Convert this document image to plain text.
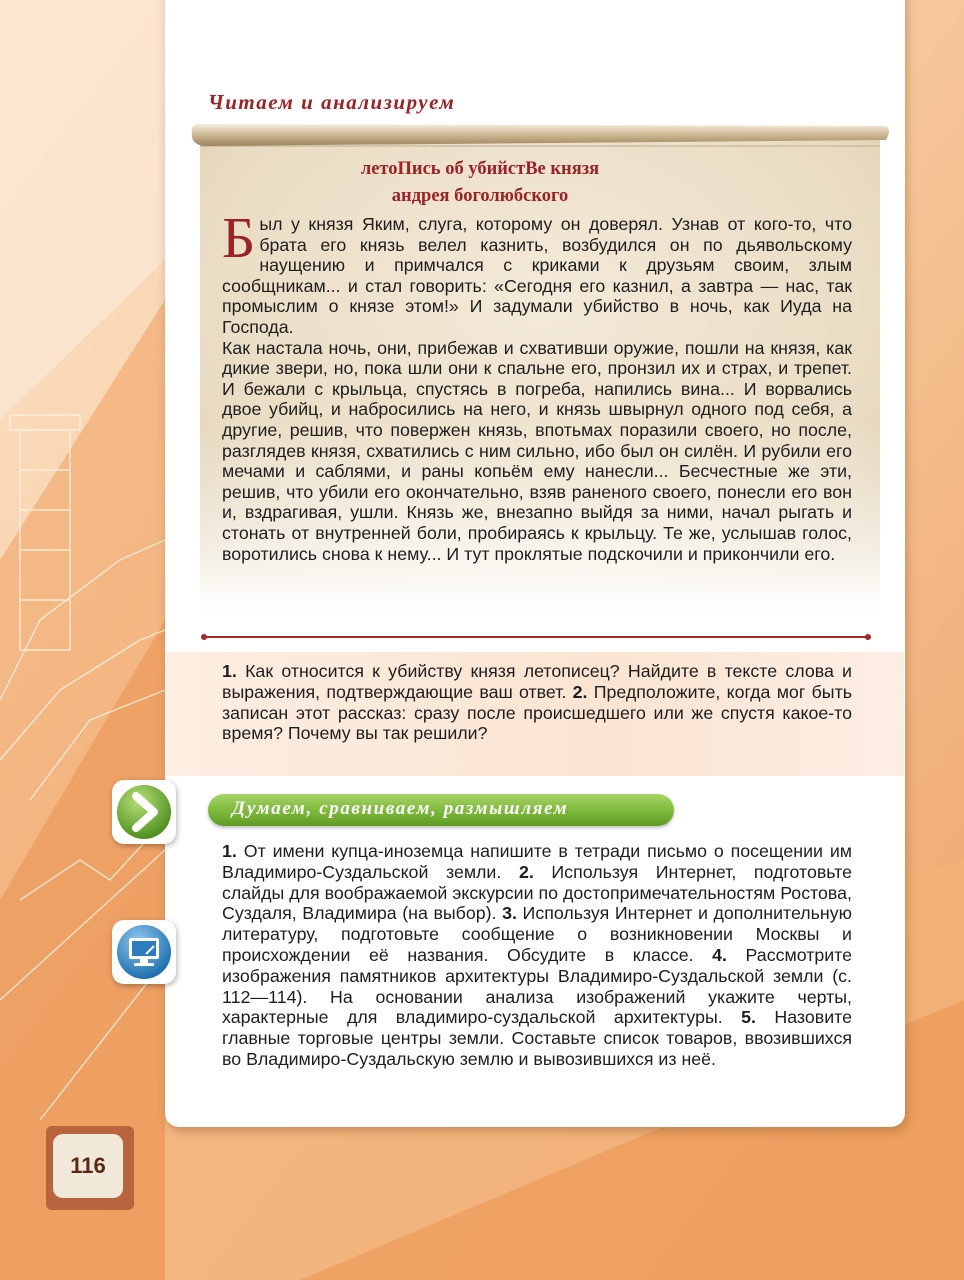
Читаем и анализируем
летоПись об убийстВе князя
андрея боголюбского

Был у князя Яким, слуга, которому он доверял. Узнав от кого-то, что брата его князь велел казнить, возбудился он по дьявольскому наущению и примчался с криками к друзьям своим, злым сообщникам... и стал говорить: «Сегодня его казнил, а завтра — нас, так промыслим о князе этом!» И задумали убийство в ночь, как Иуда на Господа.

Как настала ночь, они, прибежав и схвативши оружие, пошли на князя, как дикие звери, но, пока шли они к спальне его, пронзил их и страх, и трепет. И бежали с крыльца, спустясь в погреба, напились вина... И ворвались двое убийц, и набросились на него, и князь швырнул одного под себя, а другие, решив, что повержен князь, впотьмах поразили своего, но после, разглядев князя, схватились с ним сильно, ибо был он силён. И рубили его мечами и саблями, и раны копьём ему нанесли... Бесчестные же эти, решив, что убили его окончательно, взяв раненого своего, понесли его вон и, вздрагивая, ушли. Князь же, внезапно выйдя за ними, начал рыгать и стонать от внутренней боли, пробираясь к крыльцу. Те же, услышав голос, воротились снова к нему... И тут проклятые подскочили и прикончили его.

1. Как относится к убийству князя летописец? Найдите в тексте слова и выражения, подтверждающие ваш ответ. 2. Предположите, когда мог быть записан этот рассказ: сразу после происшедшего или же спустя какое-то время? Почему вы так решили?
Думаем, сравниваем, размышляем
1. От имени купца-иноземца напишите в тетради письмо о посещении им Владимиро-Суздальской земли. 2. Используя Интернет, подготовьте слайды для воображаемой экскурсии по достопримечательностям Ростова, Суздаля, Владимира (на выбор). 3. Используя Интернет и дополнительную литературу, подготовьте сообщение о возникновении Москвы и происхождении её названия. Обсудите в классе. 4. Рассмотрите изображения памятников архитектуры Владимиро-Суздальской земли (с. 112—114). На основании анализа изображений укажите черты, характерные для владимиро-суздальской архитектуры. 5. Назовите главные торговые центры земли. Составьте список товаров, ввозившихся во Владимиро-Суздальскую землю и вывозившихся из неё.
116
